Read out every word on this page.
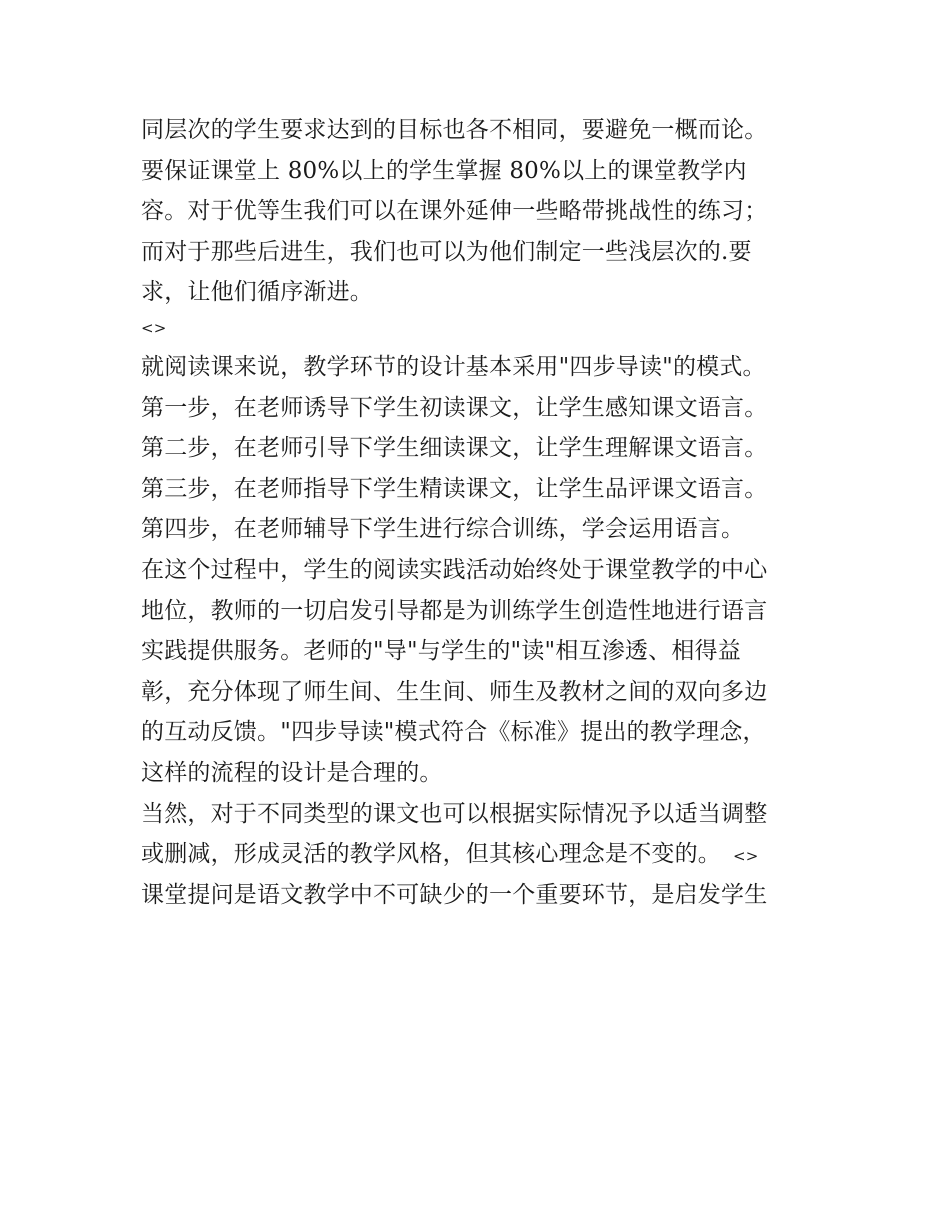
同层次的学生要求达到的目标也各不相同，要避免一概而论。
要保证课堂上 80%以上的学生掌握 80%以上的课堂教学内
容。对于优等生我们可以在课外延伸一些略带挑战性的练习；
而对于那些后进生，我们也可以为他们制定一些浅层次的.要
求，让他们循序渐进。
<>
就阅读课来说，教学环节的设计基本采用"四步导读"的模式。
第一步，在老师诱导下学生初读课文，让学生感知课文语言。
第二步，在老师引导下学生细读课文，让学生理解课文语言。
第三步，在老师指导下学生精读课文，让学生品评课文语言。
第四步，在老师辅导下学生进行综合训练，学会运用语言。
在这个过程中，学生的阅读实践活动始终处于课堂教学的中心
地位，教师的一切启发引导都是为训练学生创造性地进行语言
实践提供服务。老师的"导"与学生的"读"相互渗透、相得益
彰，充分体现了师生间、生生间、师生及教材之间的双向多边
的互动反馈。"四步导读"模式符合《标准》提出的教学理念，
这样的流程的设计是合理的。
当然，对于不同类型的课文也可以根据实际情况予以适当调整
或删减，形成灵活的教学风格，但其核心理念是不变的。 <>
课堂提问是语文教学中不可缺少的一个重要环节，是启发学生
